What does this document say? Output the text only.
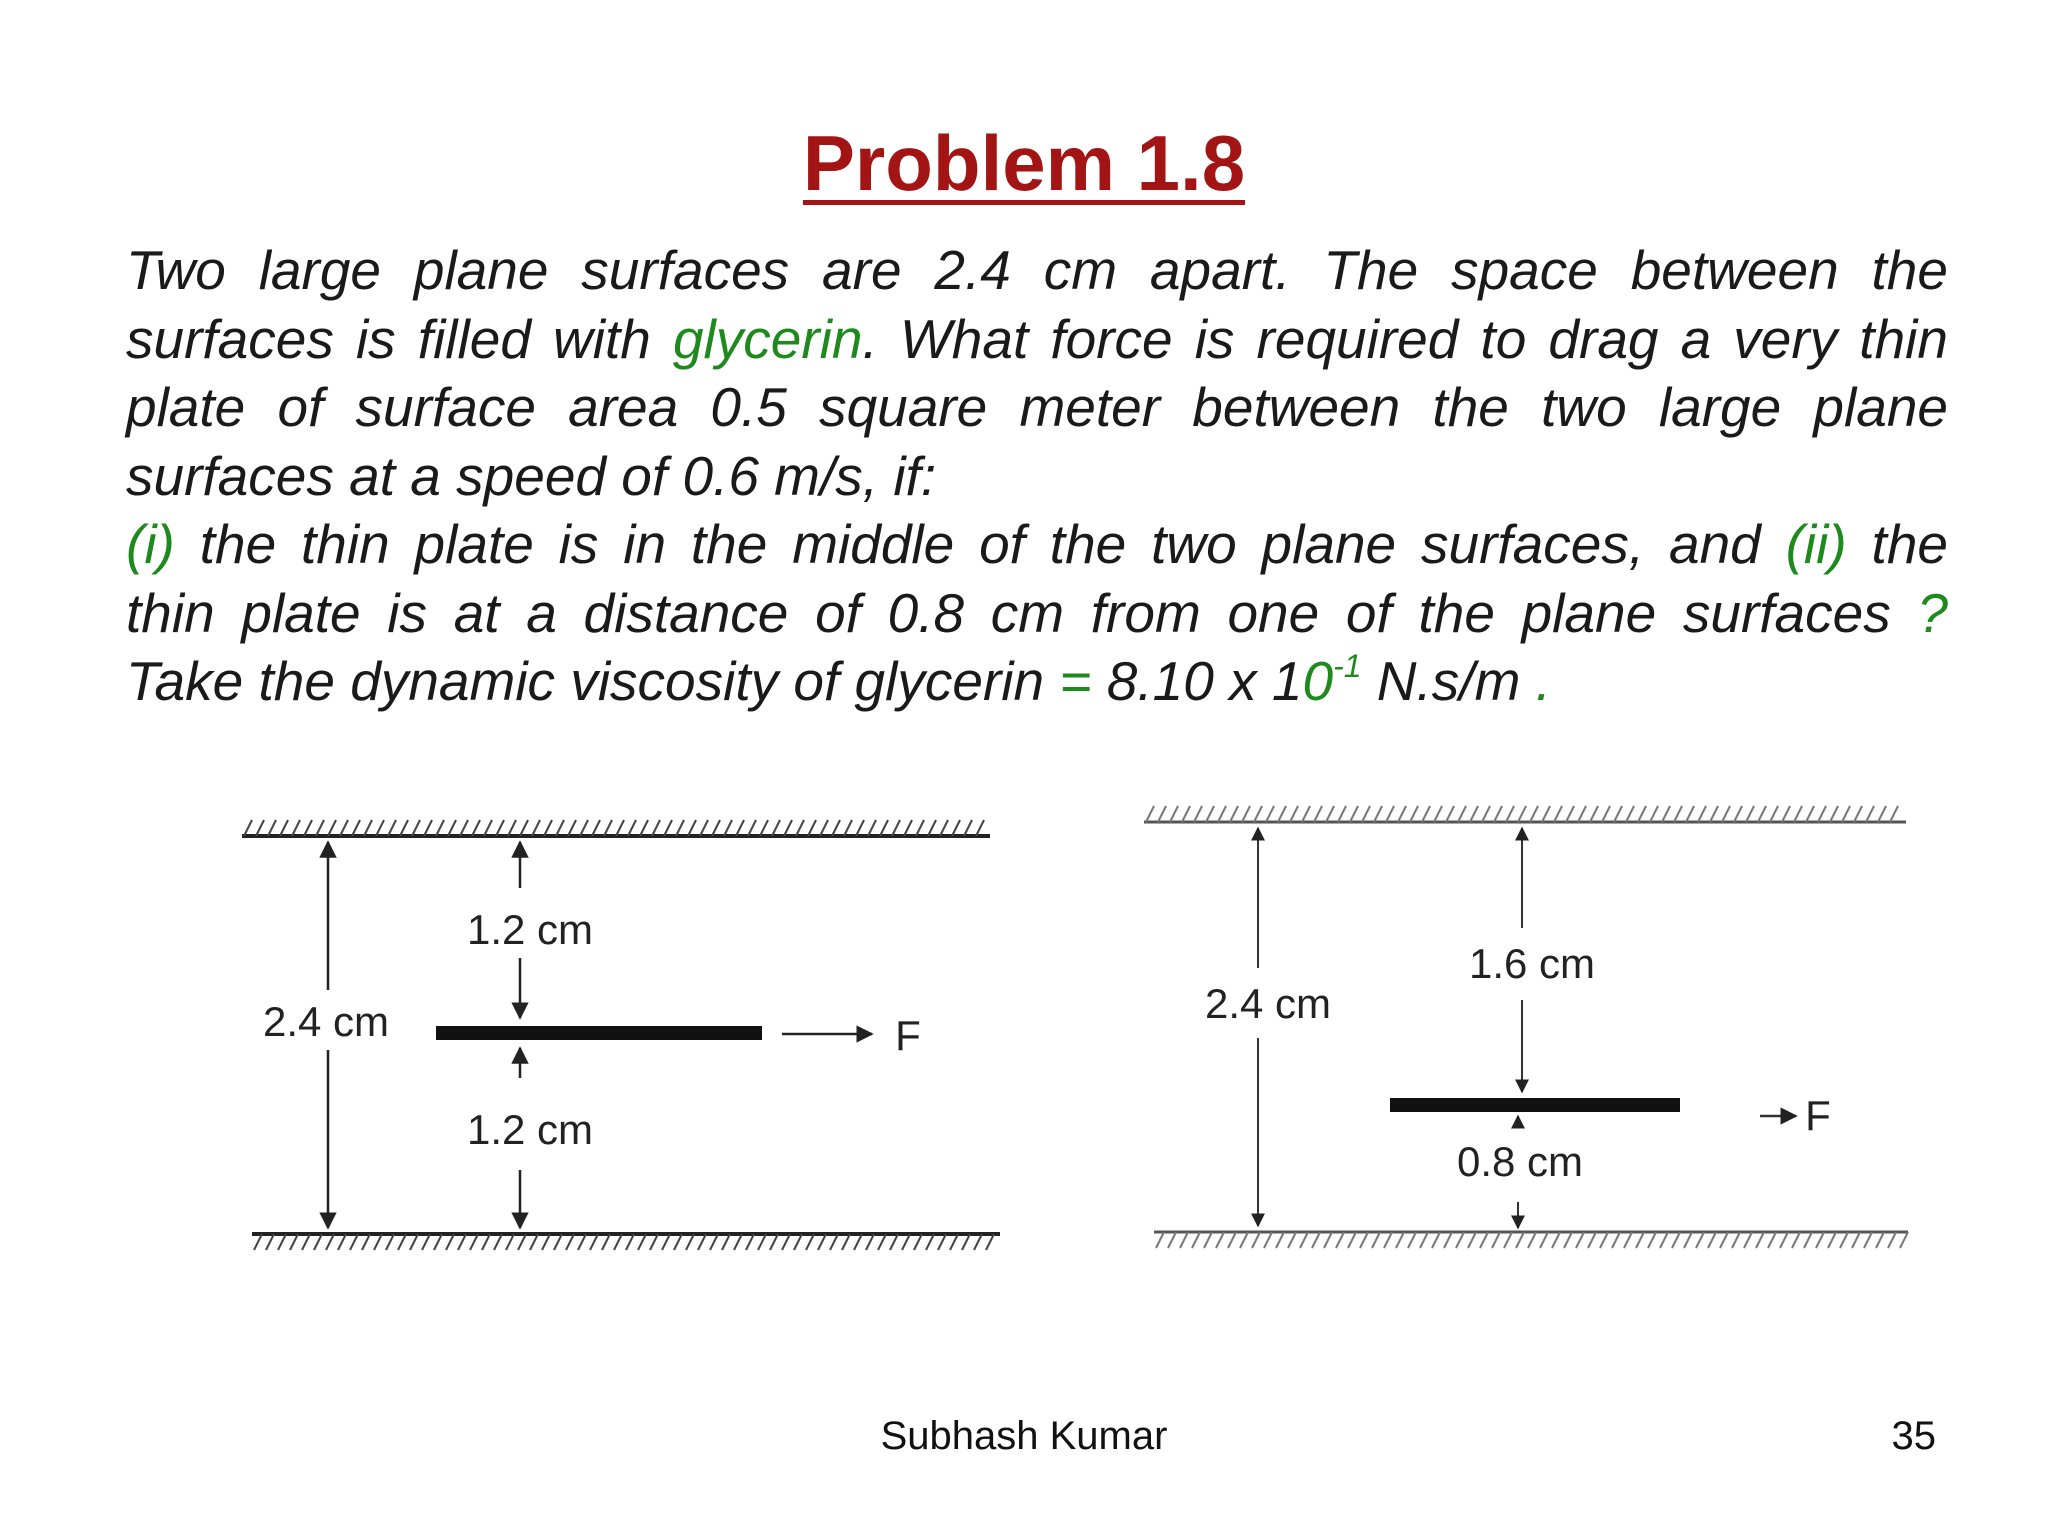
Problem 1.8
Two large plane surfaces are 2.4 cm apart. The space between the
surfaces is filled with glycerin. What force is required to drag a very thin
plate of surface area 0.5 square meter between the two large plane
surfaces at a speed of 0.6 m/s, if:
(i) the thin plate is in the middle of the two plane surfaces, and (ii) the
thin plate is at a distance of 0.8 cm from one of the plane surfaces ?
Take the dynamic viscosity of glycerin = 8.10 x $10^{-1}$ N.s/m .
2.4 cm
1.2 cm
1.2 cm
F
2.4 cm
1.6 cm
0.8 cm
F
Subhash Kumar	35
